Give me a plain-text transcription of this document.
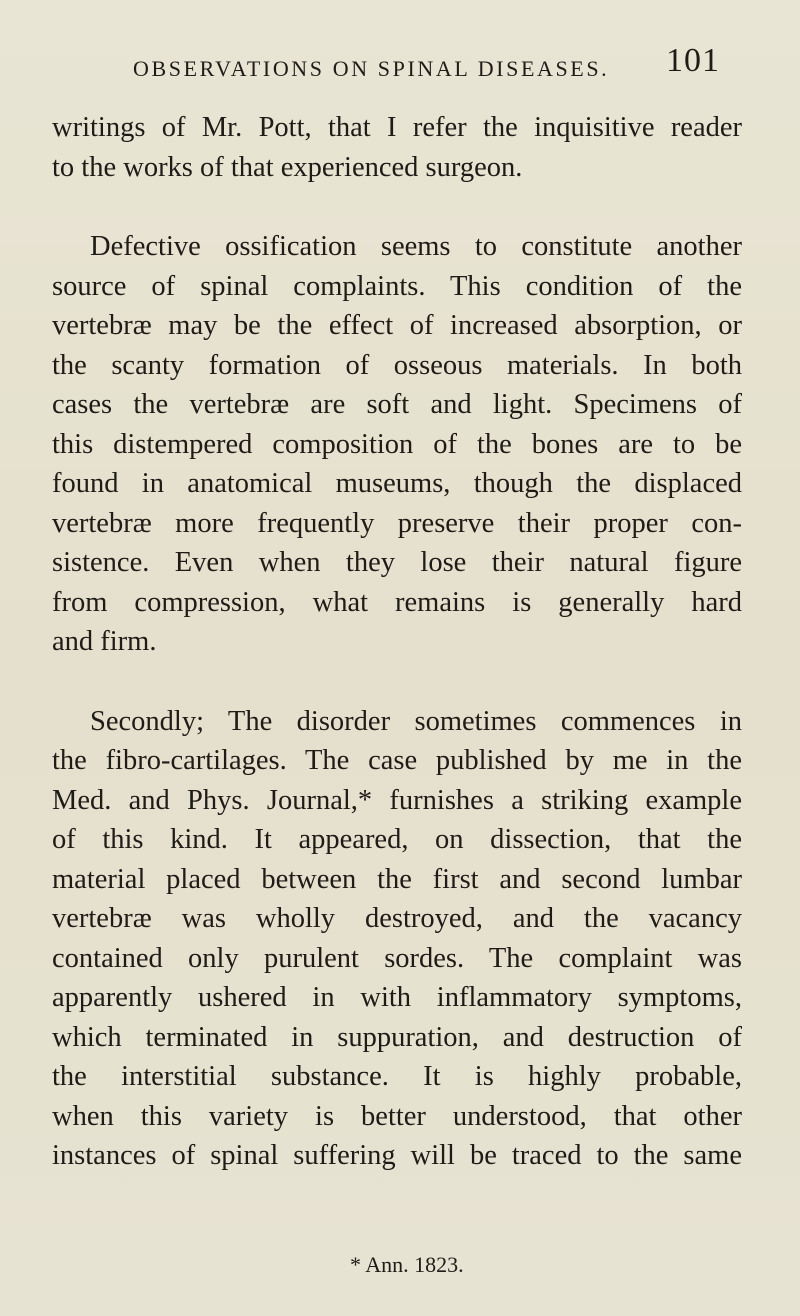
OBSERVATIONS ON SPINAL DISEASES. 101
writings of Mr. Pott, that I refer the inquisitive reader
to the works of that experienced surgeon.
Defective ossification seems to constitute another
source of spinal complaints. This condition of the
vertebræ may be the effect of increased absorption, or
the scanty formation of osseous materials. In both
cases the vertebræ are soft and light. Specimens of
this distempered composition of the bones are to be
found in anatomical museums, though the displaced
vertebræ more frequently preserve their proper con-
sistence. Even when they lose their natural figure
from compression, what remains is generally hard
and firm.
Secondly; The disorder sometimes commences in
the fibro-cartilages. The case published by me in the
Med. and Phys. Journal,* furnishes a striking example
of this kind. It appeared, on dissection, that the
material placed between the first and second lumbar
vertebræ was wholly destroyed, and the vacancy
contained only purulent sordes. The complaint was
apparently ushered in with inflammatory symptoms,
which terminated in suppuration, and destruction of
the interstitial substance. It is highly probable,
when this variety is better understood, that other
instances of spinal suffering will be traced to the same
* Ann. 1823.
